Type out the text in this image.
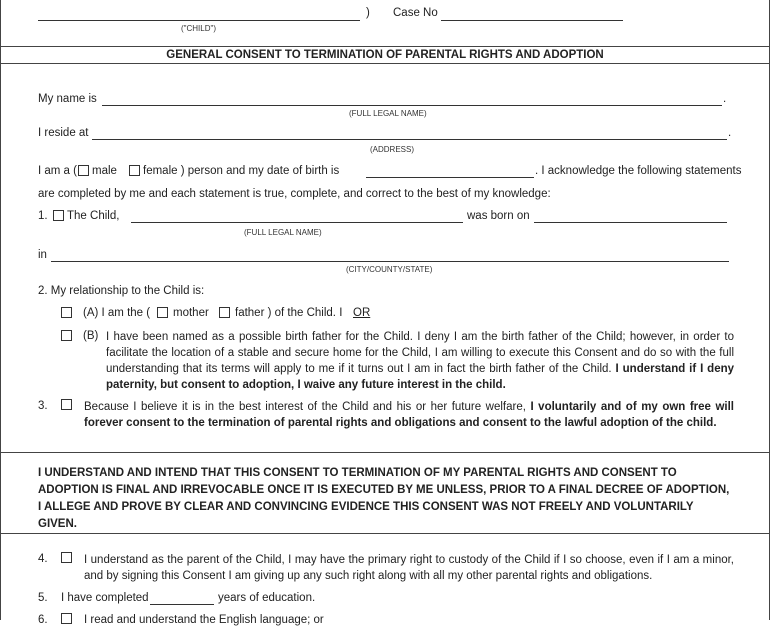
) Case No
("CHILD")
GENERAL CONSENT TO TERMINATION OF PARENTAL RIGHTS AND ADOPTION
My name is	.
(FULL LEGAL NAME)
I reside at	.
(ADDRESS)
I am a ( male female ) person and my date of birth is	. I acknowledge the following statements
are completed by me and each statement is true, complete, and correct to the best of my knowledge:
1. The Child,	was born on
(FULL LEGAL NAME)
in
(CITY/COUNTY/STATE)
2. My relationship to the Child is:
(A) I am the ( mother father ) of the Child. I OR
(B) I have been named as a possible birth father for the Child. I deny I am the birth father of the Child; however, in order to facilitate the location of a stable and secure home for the Child, I am willing to execute this Consent and do so with the full understanding that its terms will apply to me if it turns out I am in fact the birth father of the Child. I understand if I deny paternity, but consent to adoption, I waive any future interest in the child.
3.	Because I believe it is in the best interest of the Child and his or her future welfare, I voluntarily and of my own free will forever consent to the termination of parental rights and obligations and consent to the lawful adoption of the child.
I UNDERSTAND AND INTEND THAT THIS CONSENT TO TERMINATION OF MY PARENTAL RIGHTS AND CONSENT TO ADOPTION IS FINAL AND IRREVOCABLE ONCE IT IS EXECUTED BY ME UNLESS, PRIOR TO A FINAL DECREE OF ADOPTION, I ALLEGE AND PROVE BY CLEAR AND CONVINCING EVIDENCE THIS CONSENT WAS NOT FREELY AND VOLUNTARILY GIVEN.
4.	I understand as the parent of the Child, I may have the primary right to custody of the Child if I so choose, even if I am a minor, and by signing this Consent I am giving up any such right along with all my other parental rights and obligations.
5. I have completed	years of education.
6.	I read and understand the English language; or
